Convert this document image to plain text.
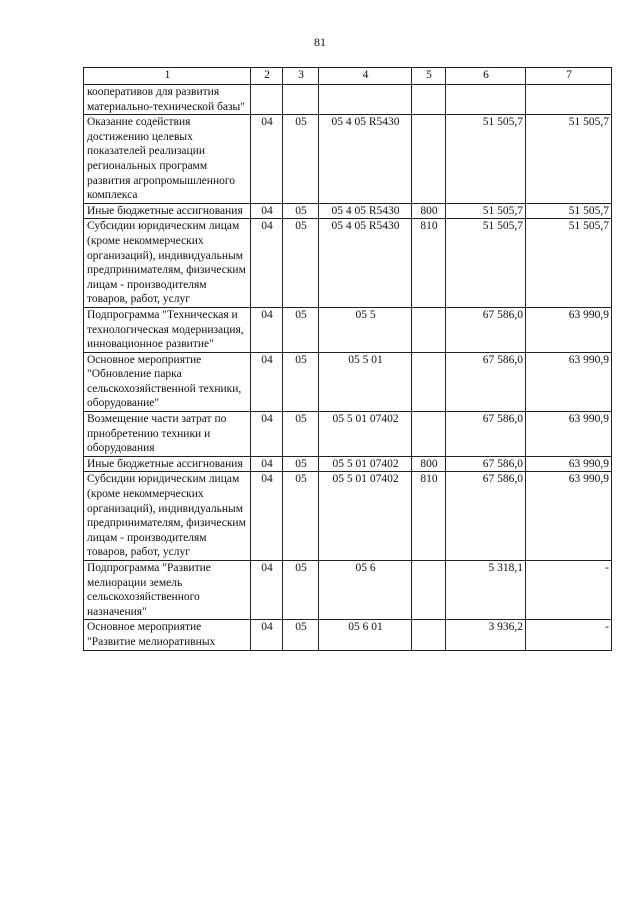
81
1	2	3	4	5	6	7
кооперативов для развития материально-технической базы"						
Оказание содействия достижению целевых показателей реализации региональных программ развития агропромышленного комплекса	04	05	05 4 05 R5430		51 505,7	51 505,7
Иные бюджетные ассигнования	04	05	05 4 05 R5430	800	51 505,7	51 505,7
Субсидии юридическим лицам (кроме некоммерческих организаций), индивидуальным предпринимателям, физическим лицам - производителям товаров, работ, услуг	04	05	05 4 05 R5430	810	51 505,7	51 505,7
Подпрограмма "Техническая и технологическая модернизация, инновационное развитие"	04	05	05 5		67 586,0	63 990,9
Основное мероприятие "Обновление парка сельскохозяйственной техники, оборудование"	04	05	05 5 01		67 586,0	63 990,9
Возмещение части затрат по приобретению техники и оборудования	04	05	05 5 01 07402		67 586,0	63 990,9
Иные бюджетные ассигнования	04	05	05 5 01 07402	800	67 586,0	63 990,9
Субсидии юридическим лицам (кроме некоммерческих организаций), индивидуальным предпринимателям, физическим лицам - производителям товаров, работ, услуг	04	05	05 5 01 07402	810	67 586,0	63 990,9
Подпрограмма "Развитие мелиорации земель сельскохозяйственного назначения"	04	05	05 6		5 318,1	-
Основное мероприятие "Развитие мелиоративных	04	05	05 6 01		3 936,2	-
